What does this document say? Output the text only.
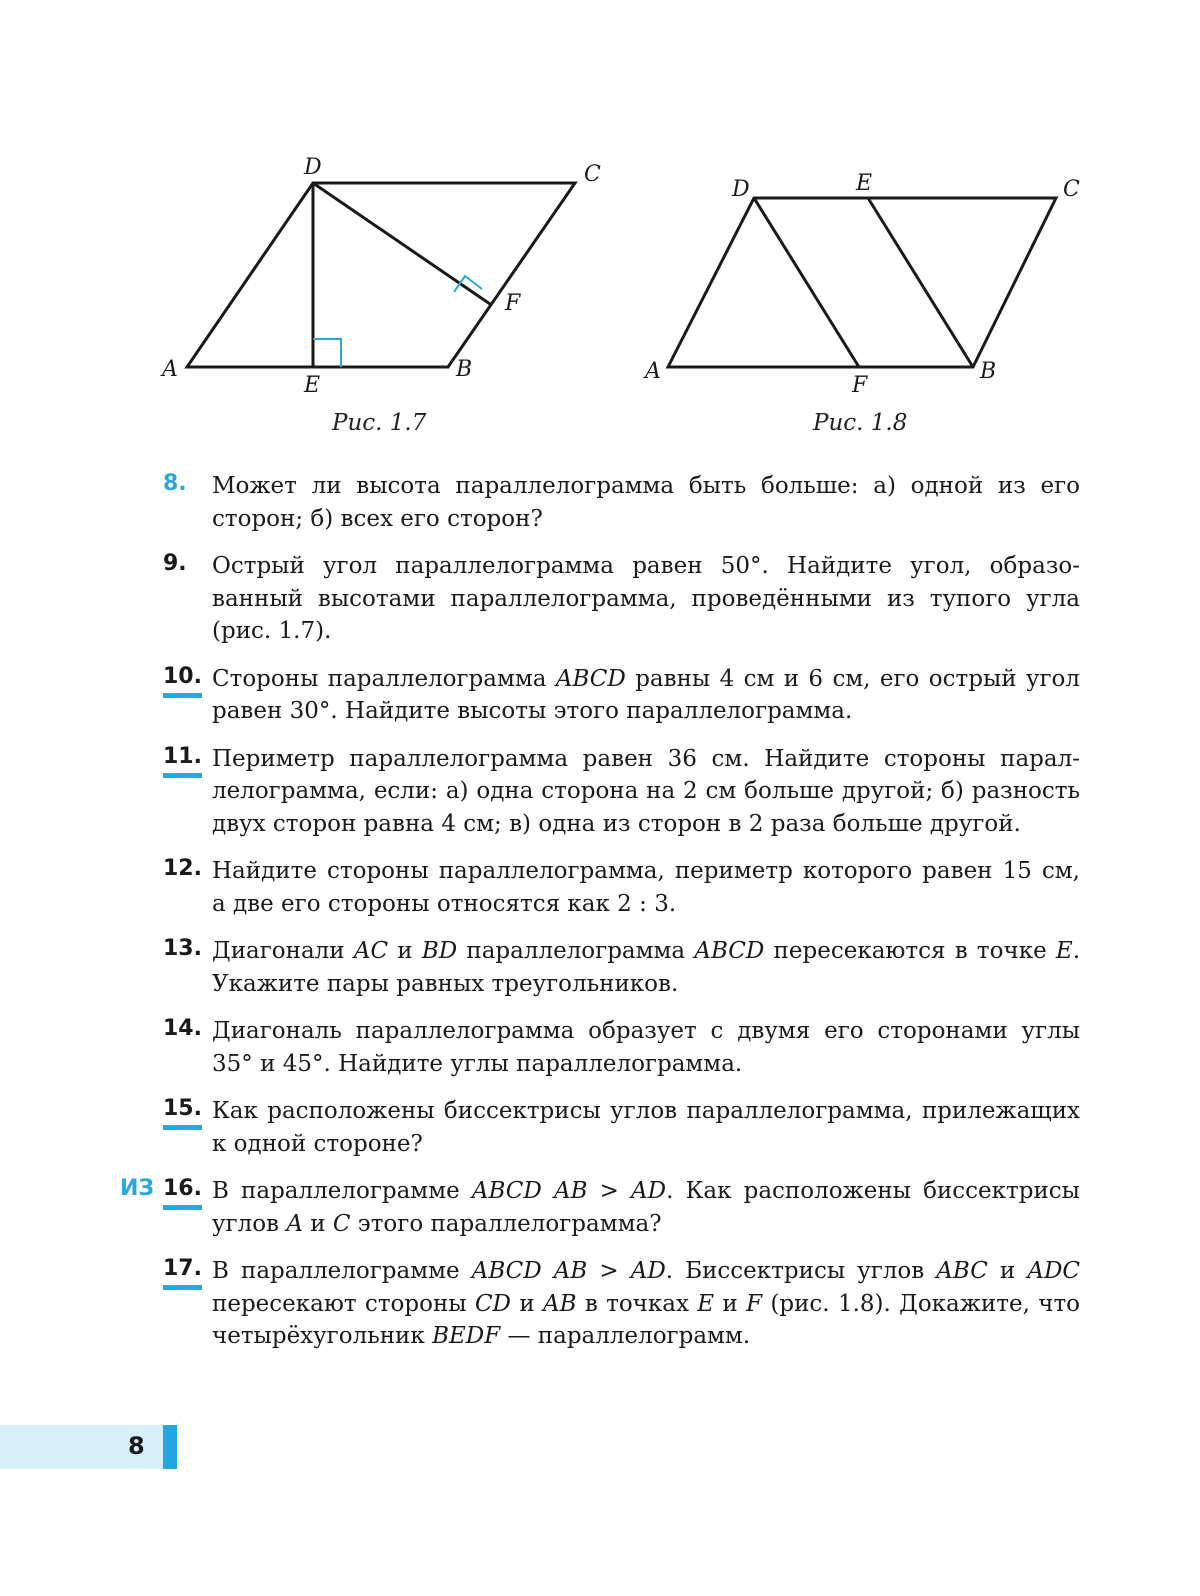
D	C
F
A	B
E
Рис. 1.7
D	E	C
A
F
B
Рис. 1.8
8. Может ли высота параллелограмма быть больше: а) одной из его сторон; б) всех его сторон?
9. Острый угол параллелограмма равен 50°. Найдите угол, образованный высотами параллелограмма, проведёнными из тупого угла (рис. 1.7).
10. Стороны параллелограмма ABCD равны 4 см и 6 см, его острый угол равен 30°. Найдите высоты этого параллелограмма.
11. Периметр параллелограмма равен 36 см. Найдите стороны параллелограмма, если: а) одна сторона на 2 см больше другой; б) разность двух сторон равна 4 см; в) одна из сторон в 2 раза больше другой.
12. Найдите стороны параллелограмма, периметр которого равен 15 см, а две его стороны относятся как 2 : 3.
13. Диагонали AC и BD параллелограмма ABCD пересекаются в точке E. Укажите пары равных треугольников.
14. Диагональ параллелограмма образует с двумя его сторонами углы 35° и 45°. Найдите углы параллелограмма.
15. Как расположены биссектрисы углов параллелограмма, прилежащих к одной стороне?
ИЗ 16. В параллелограмме ABCD AB > AD. Как расположены биссектрисы углов A и C этого параллелограмма?
17. В параллелограмме ABCD AB > AD. Биссектрисы углов ABC и ADC пересекают стороны CD и AB в точках E и F (рис. 1.8). Докажите, что четырёхугольник BEDF — параллелограмм.
8
